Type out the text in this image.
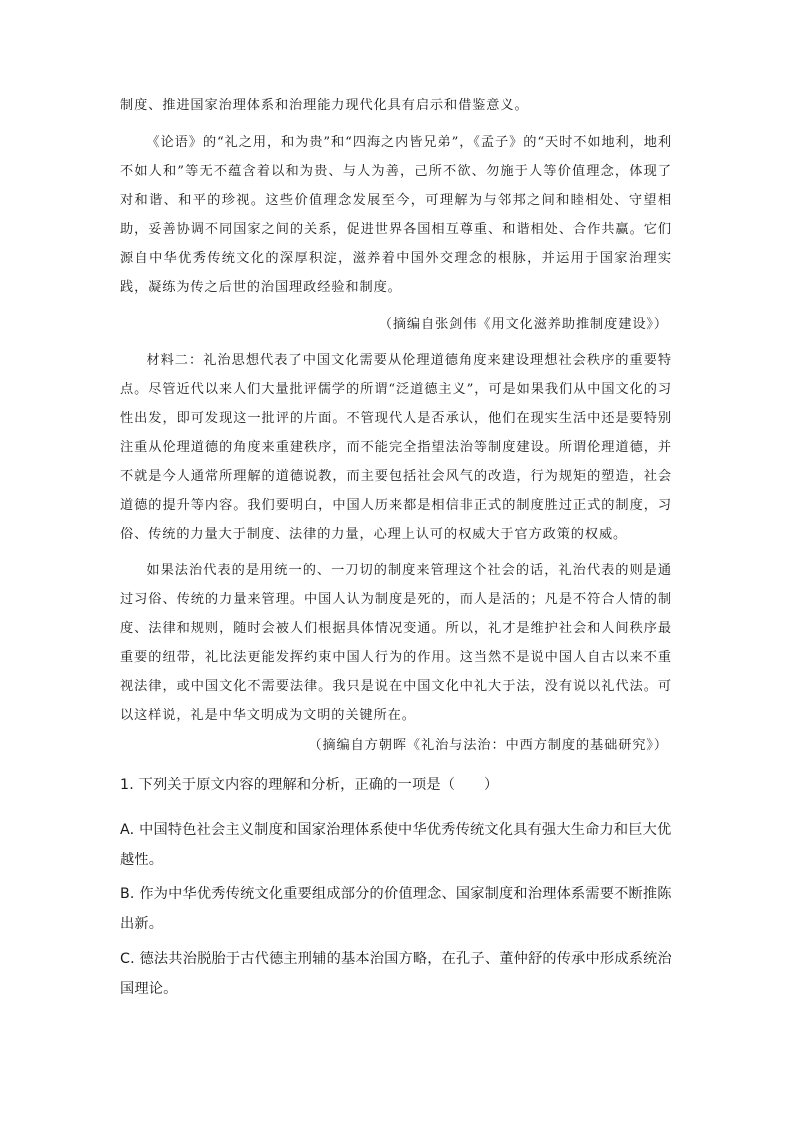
制度、推进国家治理体系和治理能力现代化具有启示和借鉴意义。

《论语》的“礼之用，和为贵”和“四海之内皆兄弟”，《孟子》的“天时不如地利，地利不如人和”等无不蕴含着以和为贵、与人为善，己所不欲、勿施于人等价值理念，体现了对和谐、和平的珍视。这些价值理念发展至今，可理解为与邻邦之间和睦相处、守望相助，妥善协调不同国家之间的关系，促进世界各国相互尊重、和谐相处、合作共赢。它们源自中华优秀传统文化的深厚积淀，滋养着中国外交理念的根脉，并运用于国家治理实践，凝练为传之后世的治国理政经验和制度。

（摘编自张剑伟《用文化滋养助推制度建设》）

材料二：礼治思想代表了中国文化需要从伦理道德角度来建设理想社会秩序的重要特点。尽管近代以来人们大量批评儒学的所谓“泛道德主义”，可是如果我们从中国文化的习性出发，即可发现这一批评的片面。不管现代人是否承认，他们在现实生活中还是要特别注重从伦理道德的角度来重建秩序，而不能完全指望法治等制度建设。所谓伦理道德，并不就是今人通常所理解的道德说教，而主要包括社会风气的改造，行为规矩的塑造，社会道德的提升等内容。我们要明白，中国人历来都是相信非正式的制度胜过正式的制度，习俗、传统的力量大于制度、法律的力量，心理上认可的权威大于官方政策的权威。

如果法治代表的是用统一的、一刀切的制度来管理这个社会的话，礼治代表的则是通过习俗、传统的力量来管理。中国人认为制度是死的，而人是活的；凡是不符合人情的制度、法律和规则，随时会被人们根据具体情况变通。所以，礼才是维护社会和人间秩序最重要的纽带，礼比法更能发挥约束中国人行为的作用。这当然不是说中国人自古以来不重视法律，或中国文化不需要法律。我只是说在中国文化中礼大于法，没有说以礼代法。可以这样说，礼是中华文明成为文明的关键所在。

（摘编自方朝晖《礼治与法治：中西方制度的基础研究》）

1. 下列关于原文内容的理解和分析，正确的一项是（　　）

A. 中国特色社会主义制度和国家治理体系使中华优秀传统文化具有强大生命力和巨大优越性。

B. 作为中华优秀传统文化重要组成部分的价值理念、国家制度和治理体系需要不断推陈出新。

C. 德法共治脱胎于古代德主刑辅的基本治国方略，在孔子、董仲舒的传承中形成系统治国理论。
